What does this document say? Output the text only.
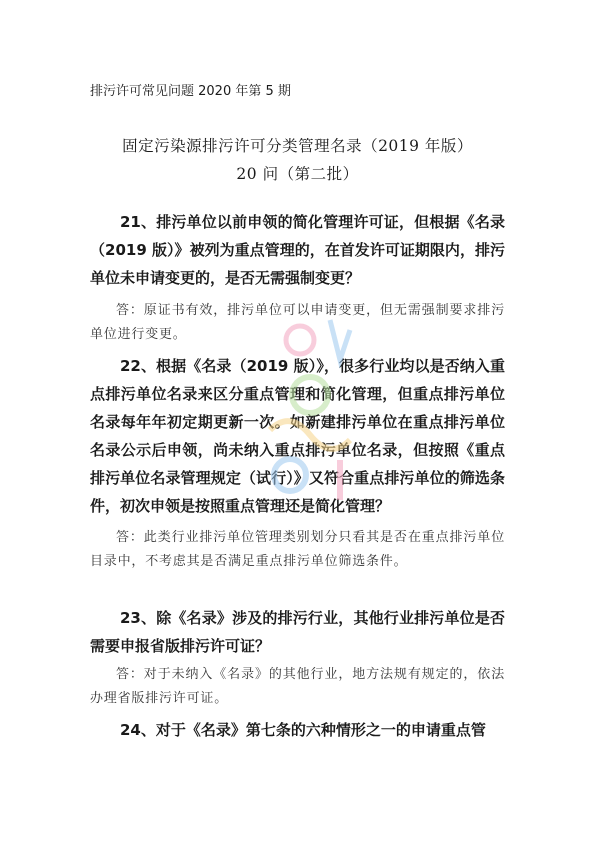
排污许可常见问题 2020 年第 5 期
固定污染源排污许可分类管理名录（2019 年版）
20 问（第二批）
21、排污单位以前申领的简化管理许可证，但根据《名录（2019 版）》被列为重点管理的，在首发许可证期限内，排污单位未申请变更的，是否无需强制变更？
答：原证书有效，排污单位可以申请变更，但无需强制要求排污单位进行变更。
22、根据《名录（2019 版）》，很多行业均以是否纳入重点排污单位名录来区分重点管理和简化管理，但重点排污单位名录每年年初定期更新一次。如新建排污单位在重点排污单位名录公示后申领，尚未纳入重点排污单位名录，但按照《重点排污单位名录管理规定（试行）》又符合重点排污单位的筛选条件，初次申领是按照重点管理还是简化管理？
答：此类行业排污单位管理类别划分只看其是否在重点排污单位目录中，不考虑其是否满足重点排污单位筛选条件。
23、除《名录》涉及的排污行业，其他行业排污单位是否需要申报省版排污许可证？
答：对于未纳入《名录》的其他行业，地方法规有规定的，依法办理省版排污许可证。
24、对于《名录》第七条的六种情形之一的申请重点管
